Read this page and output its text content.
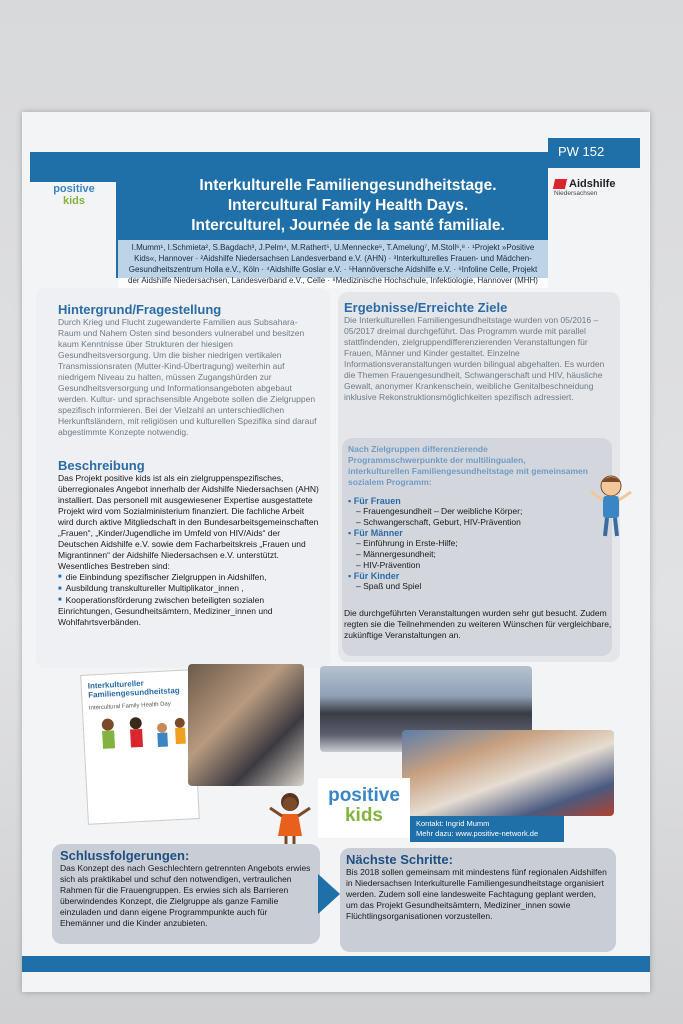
PW 152
positive
kids
Aidshilfe
Niedersachsen
Interkulturelle Familiengesundheitstage.
Intercultural Family Health Days.
Interculturel, Journée de la santé familiale.
I.Mumm¹, I.Schmieta², S.Bagdach³, J.Pelm⁴, M.Rathert⁵, U.Mennecke⁶, T.Amelung⁷, M.Stoll⁶,⁸ · ¹Projekt »Positive Kids«, Hannover · ²Aidshilfe Niedersachsen Landesverband e.V. (AHN) · ³Interkulturelles Frauen- und Mädchen-Gesundheitszentrum Holla e.V., Köln · ⁴Aidshilfe Goslar e.V. · ⁵Hannöversche Aidshilfe e.V. · ⁶Infoline Celle, Projekt der Aidshilfe Niedersachsen, Landesverband e.V., Celle · ⁸Medizinische Hochschule, Infektiologie, Hannover (MHH)
Hintergrund/Fragestellung

Durch Krieg und Flucht zugewanderte Familien aus Subsahara-Raum und Nahem Osten sind besonders vulnerabel und besitzen kaum Kenntnisse über Strukturen der hiesigen Gesundheitsversorgung. Um die bisher niedrigen vertikalen Transmissionsraten (Mutter-Kind-Übertragung) weiterhin auf niedrigem Niveau zu halten, müssen Zugangshürden zur Gesundheitsversorgung und Informationsangeboten abgebaut werden. Kultur- und sprachsensible Angebote sollen die Zielgruppen spezifisch informieren. Bei der Vielzahl an unterschiedlichen Herkunftsländern, mit religiösen und kulturellen Spezifika sind darauf abgestimmte Konzepte notwendig.

Beschreibung

Das Projekt positive kids ist als ein zielgruppenspezifisches, überregionales Angebot innerhalb der Aidshilfe Niedersachsen (AHN) installiert. Das personell mit ausgewiesener Expertise ausgestattete Projekt wird vom Sozialministerium finanziert. Die fachliche Arbeit wird durch aktive Mitgliedschaft in den Bundesarbeitsgemeinschaften „Frauen“, „Kinder/Jugendliche im Umfeld von HIV/Aids“ der Deutschen Aidshilfe e.V. sowie dem Facharbeitskreis „Frauen und Migrantinnen“ der Aidshilfe Niedersachsen e.V. unterstützt.

Wesentliches Bestreben sind:

■ die Einbindung spezifischer Zielgruppen in Aidshilfen,
■ Ausbildung transkultureller Multiplikator_innen ,
■ Kooperationsförderung zwischen beteiligten sozialen Einrichtungen, Gesundheitsämtern, Mediziner_innen und Wohlfahrtsverbänden.
Ergebnisse/Erreichte Ziele

Die Interkulturellen Familiengesundheitstage wurden von 05/2016 – 05/2017 dreimal durchgeführt. Das Programm wurde mit parallel stattfindenden, zielgruppendifferenzierenden Veranstaltungen für Frauen, Männer und Kinder gestaltet. Einzelne Informationsveranstaltungen wurden bilingual abgehalten. Es wurden die Themen Frauengesundheit, Schwangerschaft und HIV, häusliche Gewalt, anonymer Krankenschein, weibliche Genitalbeschneidung inklusive Rekonstruktionsmöglichkeiten spezifisch adressiert.

Nach Zielgruppen differenzierende Programmschwerpunkte der multilingualen, interkulturellen Familiengesundheitstage mit gemeinsamen sozialem Programm:

▪ Für Frauen
– Frauengesundheit – Der weibliche Körper;
– Schwangerschaft, Geburt, HIV-Prävention
▪ Für Männer
– Einführung in Erste-Hilfe;
– Männergesundheit;
– HIV-Prävention
▪ Für Kinder
– Spaß und Spiel

Die durchgeführten Veranstaltungen wurden sehr gut besucht. Zudem regten sie die Teilnehmenden zu weiteren Wünschen für vergleichbare, zukünftige Veranstaltungen an.

Interkultureller Familiengesundheitstag
Intercultural Family Health Day
positive
kids	Kontakt: Ingrid Mumm
Mehr dazu: www.positive-network.de
Schlussfolgerungen:

Das Konzept des nach Geschlechtern getrennten Angebots erwies sich als praktikabel und schuf den notwendigen, vertraulichen Rahmen für die Frauengruppen. Es erwies sich als Barrieren überwindendes Konzept, die Zielgruppe als ganze Familie einzuladen und dann eigene Programmpunkte auch für Ehemänner und die Kinder anzubieten.

Nächste Schritte:

Bis 2018 sollen gemeinsam mit mindestens fünf regionalen Aidshilfen in Niedersachsen Interkulturelle Familiengesundheitstage organisiert werden. Zudem soll eine landesweite Fachtagung geplant werden, um das Projekt Gesundheitsämtern, Mediziner_innen sowie Flüchtlingsorganisationen vorzustellen.
